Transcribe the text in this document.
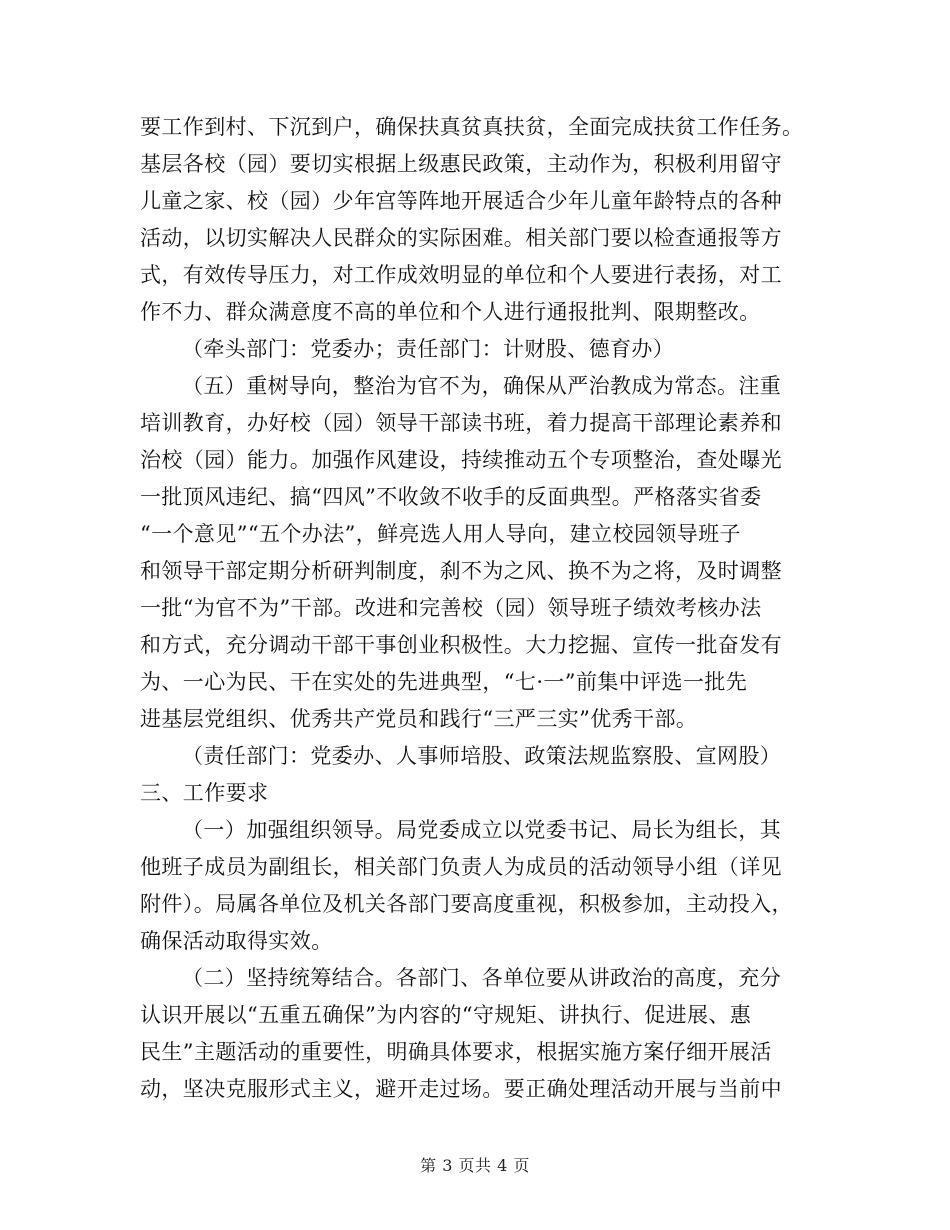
要工作到村、下沉到户，确保扶真贫真扶贫，全面完成扶贫工作任务。
基层各校（园）要切实根据上级惠民政策，主动作为，积极利用留守
儿童之家、校（园）少年宫等阵地开展适合少年儿童年龄特点的各种
活动，以切实解决人民群众的实际困难。相关部门要以检查通报等方
式，有效传导压力，对工作成效明显的单位和个人要进行表扬，对工
作不力、群众满意度不高的单位和个人进行通报批判、限期整改。
（牵头部门：党委办；责任部门：计财股、德育办）
（五）重树导向，整治为官不为，确保从严治教成为常态。注重
培训教育，办好校（园）领导干部读书班，着力提高干部理论素养和
治校（园）能力。加强作风建设，持续推动五个专项整治，查处曝光
一批顶风违纪、搞“四风”不收敛不收手的反面典型。严格落实省委
“一个意见”“五个办法”，鲜亮选人用人导向，建立校园领导班子
和领导干部定期分析研判制度，刹不为之风、换不为之将，及时调整
一批“为官不为”干部。改进和完善校（园）领导班子绩效考核办法
和方式，充分调动干部干事创业积极性。大力挖掘、宣传一批奋发有
为、一心为民、干在实处的先进典型，“七·一”前集中评选一批先
进基层党组织、优秀共产党员和践行“三严三实”优秀干部。
（责任部门：党委办、人事师培股、政策法规监察股、宣网股）
三、工作要求
（一）加强组织领导。局党委成立以党委书记、局长为组长，其
他班子成员为副组长，相关部门负责人为成员的活动领导小组（详见
附件）。局属各单位及机关各部门要高度重视，积极参加，主动投入，
确保活动取得实效。
（二）坚持统筹结合。各部门、各单位要从讲政治的高度，充分
认识开展以“五重五确保”为内容的“守规矩、讲执行、促进展、惠
民生”主题活动的重要性，明确具体要求，根据实施方案仔细开展活
动，坚决克服形式主义，避开走过场。要正确处理活动开展与当前中
第 3 页共 4 页
